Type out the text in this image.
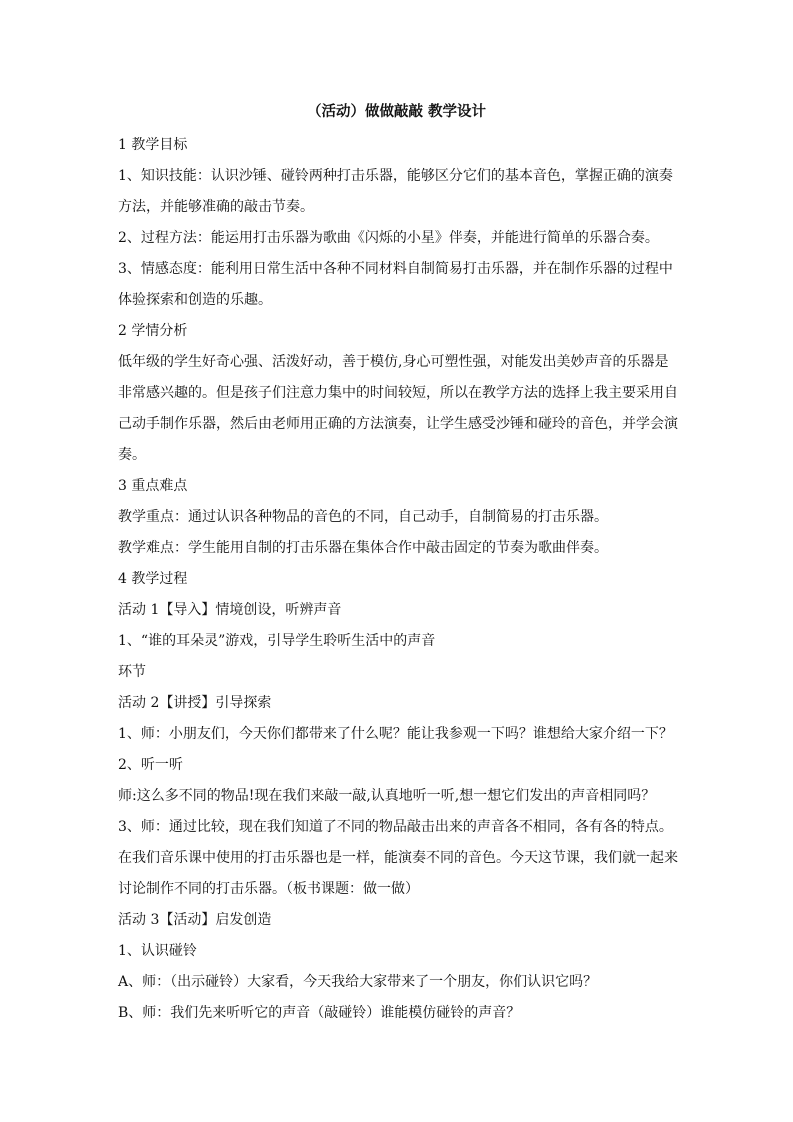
（活动）做做敲敲 教学设计

1 教学目标

1、知识技能：认识沙锤、碰铃两种打击乐器，能够区分它们的基本音色，掌握正确的演奏方法，并能够准确的敲击节奏。

2、过程方法：能运用打击乐器为歌曲《闪烁的小星》伴奏，并能进行简单的乐器合奏。

3、情感态度：能利用日常生活中各种不同材料自制简易打击乐器，并在制作乐器的过程中体验探索和创造的乐趣。

2 学情分析

低年级的学生好奇心强、活泼好动，善于模仿,身心可塑性强，对能发出美妙声音的乐器是非常感兴趣的。但是孩子们注意力集中的时间较短，所以在教学方法的选择上我主要采用自己动手制作乐器，然后由老师用正确的方法演奏，让学生感受沙锤和碰玲的音色，并学会演奏。

3 重点难点

教学重点：通过认识各种物品的音色的不同，自己动手，自制简易的打击乐器。

教学难点：学生能用自制的打击乐器在集体合作中敲击固定的节奏为歌曲伴奏。

4 教学过程

活动 1【导入】情境创设，听辨声音

1、“谁的耳朵灵”游戏，引导学生聆听生活中的声音

环节

活动 2【讲授】引导探索

1、师：小朋友们，今天你们都带来了什么呢？能让我参观一下吗？谁想给大家介绍一下？

2、听一听

师:这么多不同的物品!现在我们来敲一敲,认真地听一听,想一想它们发出的声音相同吗？

3、师：通过比较，现在我们知道了不同的物品敲击出来的声音各不相同，各有各的特点。在我们音乐课中使用的打击乐器也是一样，能演奏不同的音色。今天这节课，我们就一起来讨论制作不同的打击乐器。（板书课题：做一做）

活动 3【活动】启发创造

1、认识碰铃

A、师：（出示碰铃）大家看，今天我给大家带来了一个朋友，你们认识它吗？

B、师：我们先来听听它的声音（敲碰铃）谁能模仿碰铃的声音？
